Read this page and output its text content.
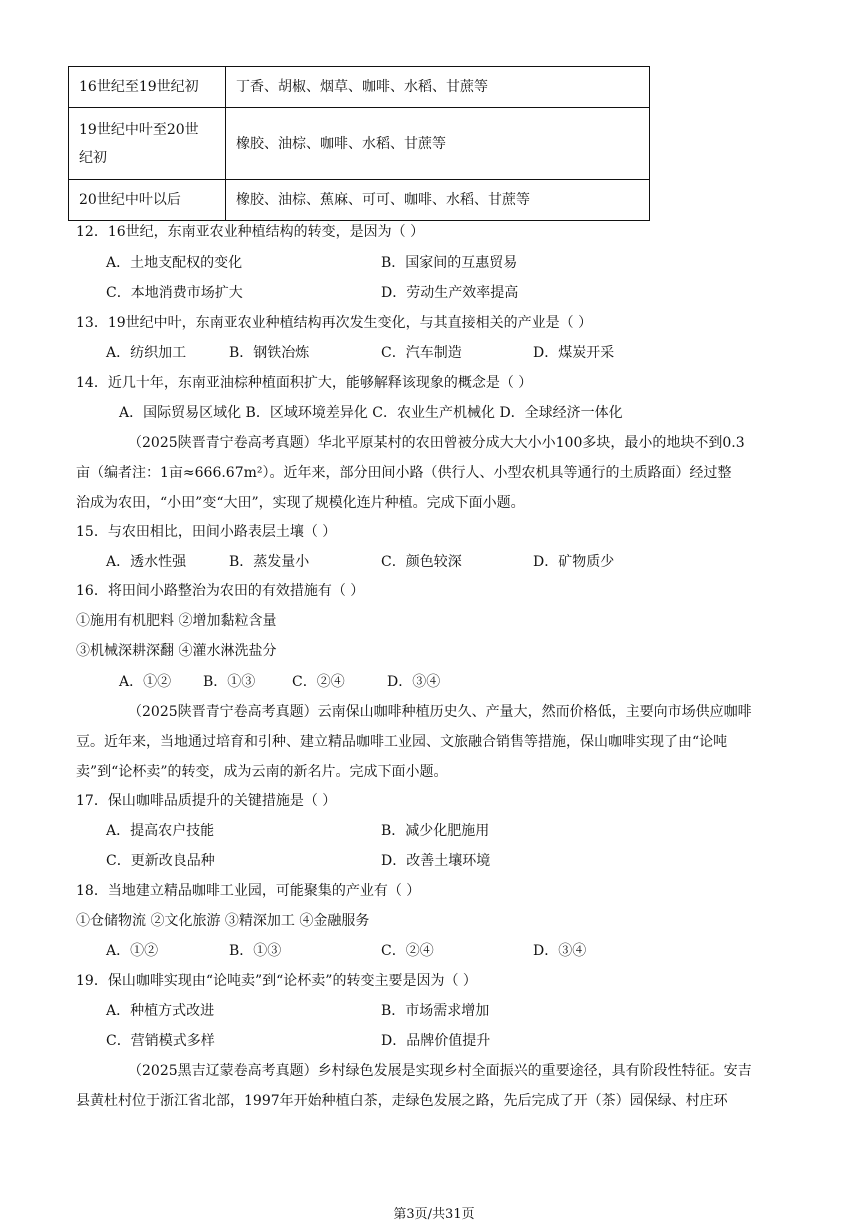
16世纪至19世纪初	丁香、胡椒、烟草、咖啡、水稻、甘蔗等

19世纪中叶至20世
纪初	橡胶、油棕、咖啡、水稻、甘蔗等
20世纪中叶以后	橡胶、油棕、蕉麻、可可、咖啡、水稻、甘蔗等
12．16世纪，东南亚农业种植结构的转变，是因为（ ）
A．土地支配权的变化	B．国家间的互惠贸易
C．本地消费市场扩大	D．劳动生产效率提高
13．19世纪中叶，东南亚农业种植结构再次发生变化，与其直接相关的产业是（ ）
A．纺织加工	B．钢铁冶炼	C．汽车制造	D．煤炭开采
14．近几十年，东南亚油棕种植面积扩大，能够解释该现象的概念是（ ）
A．国际贸易区域化 B．区域环境差异化 C．农业生产机械化 D．全球经济一体化
（2025陕晋青宁卷高考真题）华北平原某村的农田曾被分成大大小小100多块，最小的地块不到0.3
亩（编者注：1亩≈666.67m²）。近年来，部分田间小路（供行人、小型农机具等通行的土质路面）经过整
治成为农田，“小田”变“大田”，实现了规模化连片种植。完成下面小题。
15．与农田相比，田间小路表层土壤（ ）
A．透水性强	B．蒸发量小	C．颜色较深	D．矿物质少
16．将田间小路整治为农田的有效措施有（ ）
①施用有机肥料 ②增加黏粒含量
③机械深耕深翻 ④灌水淋洗盐分
A．①② B．①③	C．②④	D．③④
（2025陕晋青宁卷高考真题）云南保山咖啡种植历史久、产量大，然而价格低，主要向市场供应咖啡
豆。近年来，当地通过培育和引种、建立精品咖啡工业园、文旅融合销售等措施，保山咖啡实现了由“论吨
卖”到“论杯卖”的转变，成为云南的新名片。完成下面小题。
17．保山咖啡品质提升的关键措施是（ ）
A．提高农户技能	B．减少化肥施用
C．更新改良品种	D．改善土壤环境
18．当地建立精品咖啡工业园，可能聚集的产业有（ ）
①仓储物流 ②文化旅游 ③精深加工 ④金融服务
A．①②	B．①③	C．②④	D．③④
19．保山咖啡实现由“论吨卖”到“论杯卖”的转变主要是因为（ ）
A．种植方式改进	B．市场需求增加
C．营销模式多样	D．品牌价值提升
（2025黑吉辽蒙卷高考真题）乡村绿色发展是实现乡村全面振兴的重要途径，具有阶段性特征。安吉
县黄杜村位于浙江省北部，1997年开始种植白茶，走绿色发展之路，先后完成了开（茶）园保绿、村庄环
第3页/共31页
